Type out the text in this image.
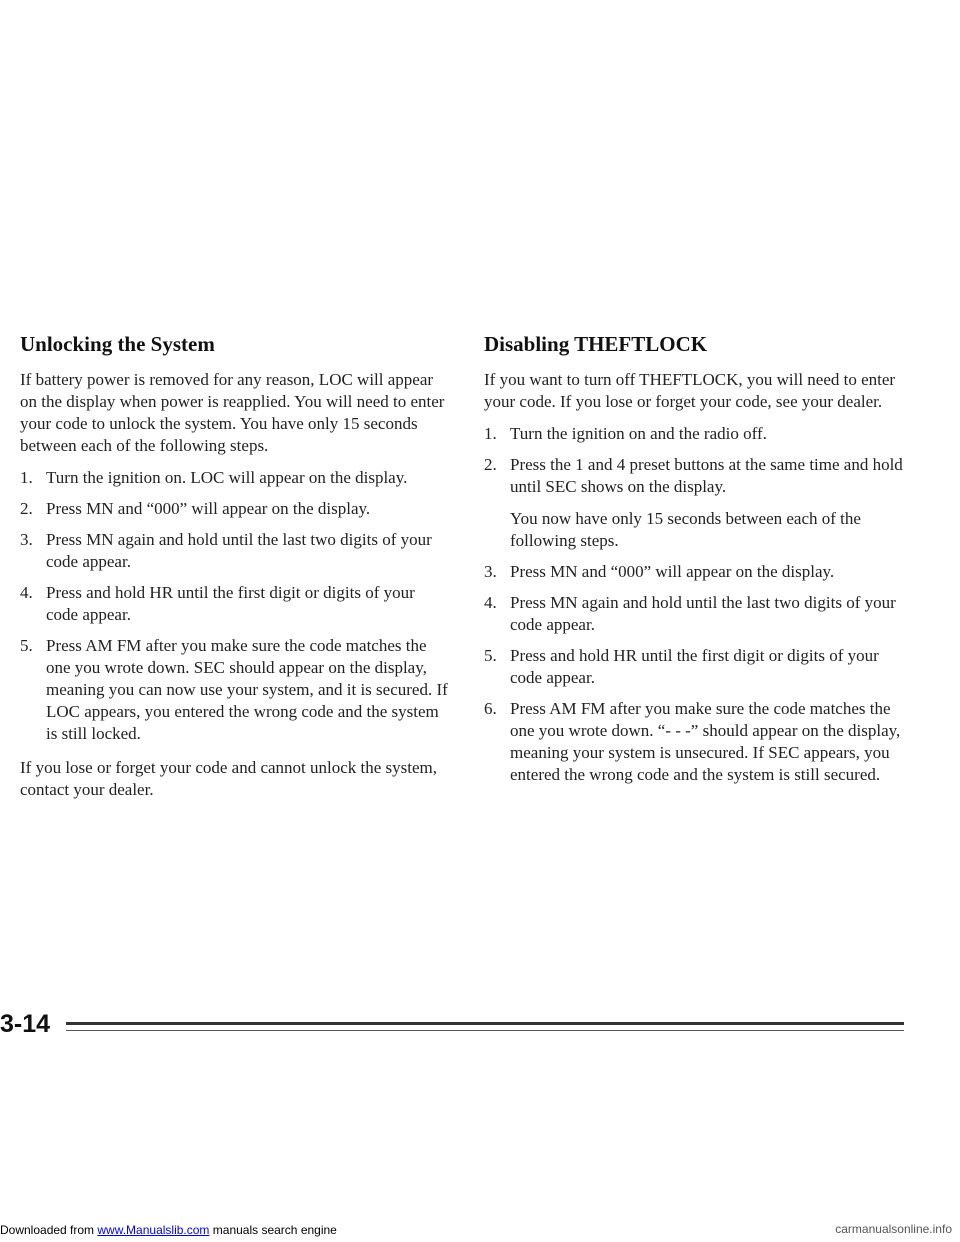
Unlocking the System

If battery power is removed for any reason, LOC will appear on the display when power is reapplied. You will need to enter your code to unlock the system. You have only 15 seconds between each of the following steps.

1. Turn the ignition on. LOC will appear on the display.
2. Press MN and “000” will appear on the display.
3. Press MN again and hold until the last two digits of your code appear.
4. Press and hold HR until the first digit or digits of your code appear.
5. Press AM FM after you make sure the code matches the one you wrote down. SEC should appear on the display, meaning you can now use your system, and it is secured. If LOC appears, you entered the wrong code and the system is still locked.

If you lose or forget your code and cannot unlock the system, contact your dealer.

Disabling THEFTLOCK

If you want to turn off THEFTLOCK, you will need to enter your code. If you lose or forget your code, see your dealer.

1. Turn the ignition on and the radio off.
2. Press the 1 and 4 preset buttons at the same time and hold until SEC shows on the display.

You now have only 15 seconds between each of the following steps.

3. Press MN and “000” will appear on the display.
4. Press MN again and hold until the last two digits of your code appear.
5. Press and hold HR until the first digit or digits of your code appear.
6. Press AM FM after you make sure the code matches the one you wrote down. “- - -” should appear on the display, meaning your system is unsecured. If SEC appears, you entered the wrong code and the system is still secured.
3-14
Downloaded from www.Manualslib.com manuals search engine	carmanualsonline.info
